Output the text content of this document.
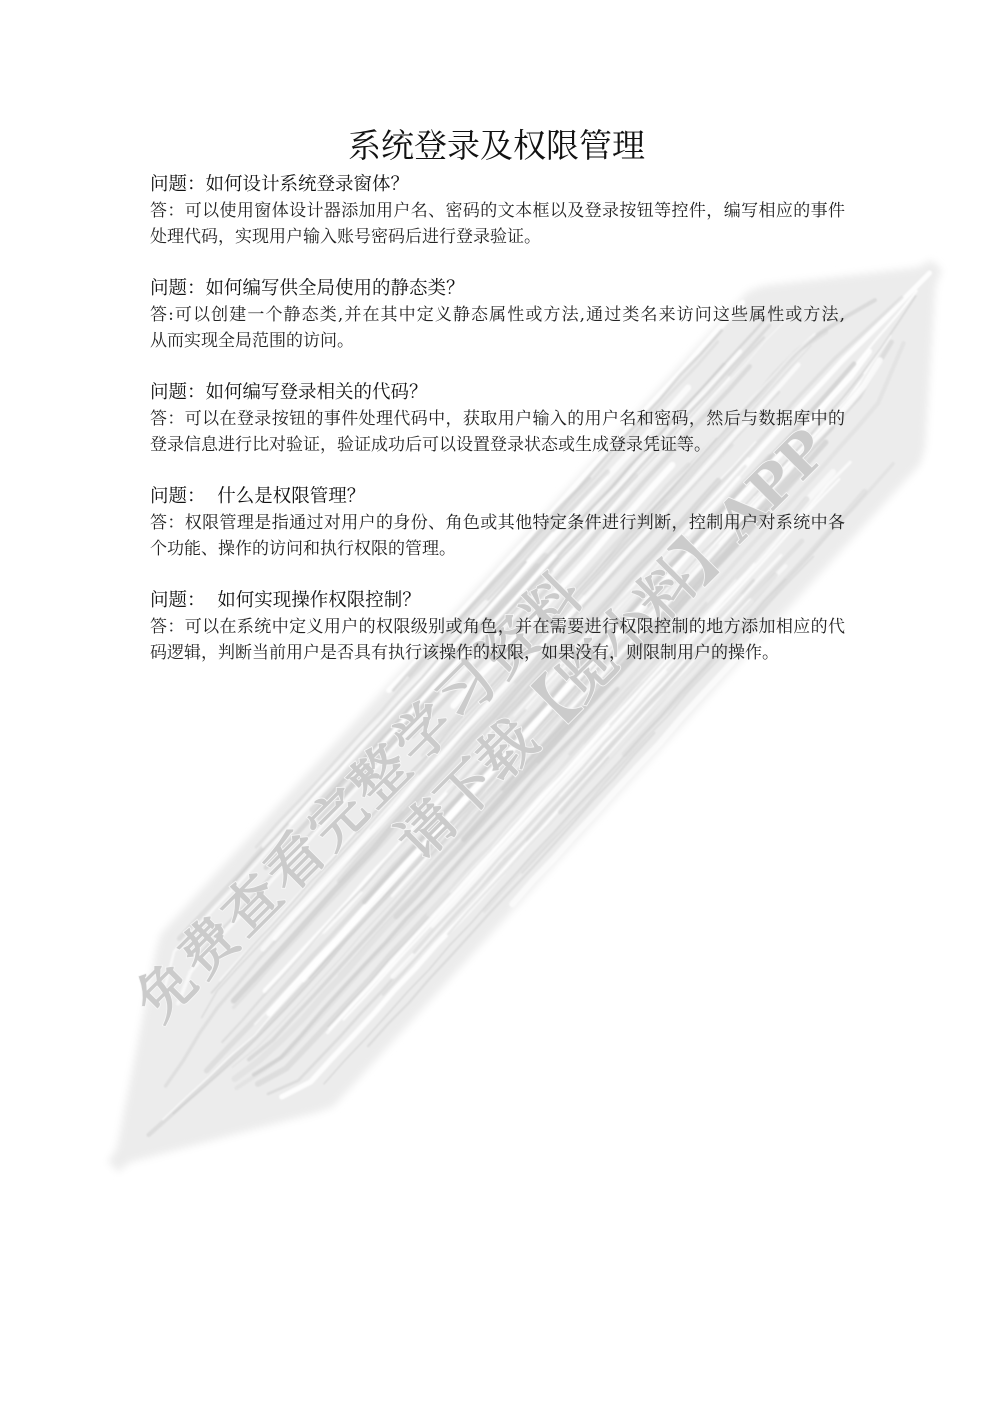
免费查看完整学习资料
请下载【览小料】APP
系统登录及权限管理
问题：如何设计系统登录窗体？
答：可以使用窗体设计器添加用户名、密码的文本框以及登录按钮等控件，编写相应的事件
处理代码，实现用户输入账号密码后进行登录验证。
问题：如何编写供全局使用的静态类？
答:可以创建一个静态类,并在其中定义静态属性或方法,通过类名来访问这些属性或方法,
从而实现全局范围的访问。
问题：如何编写登录相关的代码？
答：可以在登录按钮的事件处理代码中，获取用户输入的用户名和密码，然后与数据库中的
登录信息进行比对验证，验证成功后可以设置登录状态或生成登录凭证等。
问题：  什么是权限管理？
答：权限管理是指通过对用户的身份、角色或其他特定条件进行判断，控制用户对系统中各
个功能、操作的访问和执行权限的管理。
问题：  如何实现操作权限控制？
答：可以在系统中定义用户的权限级别或角色，并在需要进行权限控制的地方添加相应的代
码逻辑，判断当前用户是否具有执行该操作的权限，如果没有，则限制用户的操作。
